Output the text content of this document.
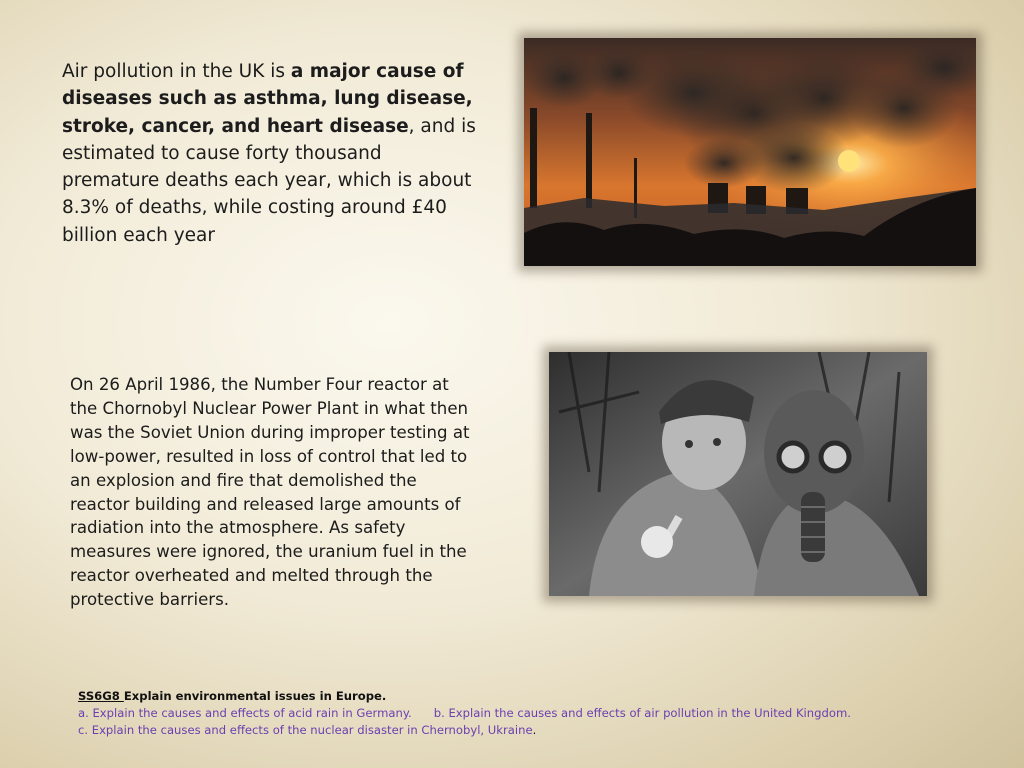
Air pollution in the UK is a major cause of diseases such as asthma, lung disease, stroke, cancer, and heart disease, and is estimated to cause forty thousand premature deaths each year, which is about 8.3% of deaths, while costing around £40 billion each year
On 26 April 1986, the Number Four reactor at the Chornobyl Nuclear Power Plant in what then was the Soviet Union during improper testing at low-power, resulted in loss of control that led to an explosion and fire that demolished the reactor building and released large amounts of radiation into the atmosphere. As safety measures were ignored, the uranium fuel in the reactor overheated and melted through the protective barriers.
SS6G8 Explain environmental issues in Europe.
a. Explain the causes and effects of acid rain in Germany. b. Explain the causes and effects of air pollution in the United Kingdom.
c. Explain the causes and effects of the nuclear disaster in Chernobyl, Ukraine.
